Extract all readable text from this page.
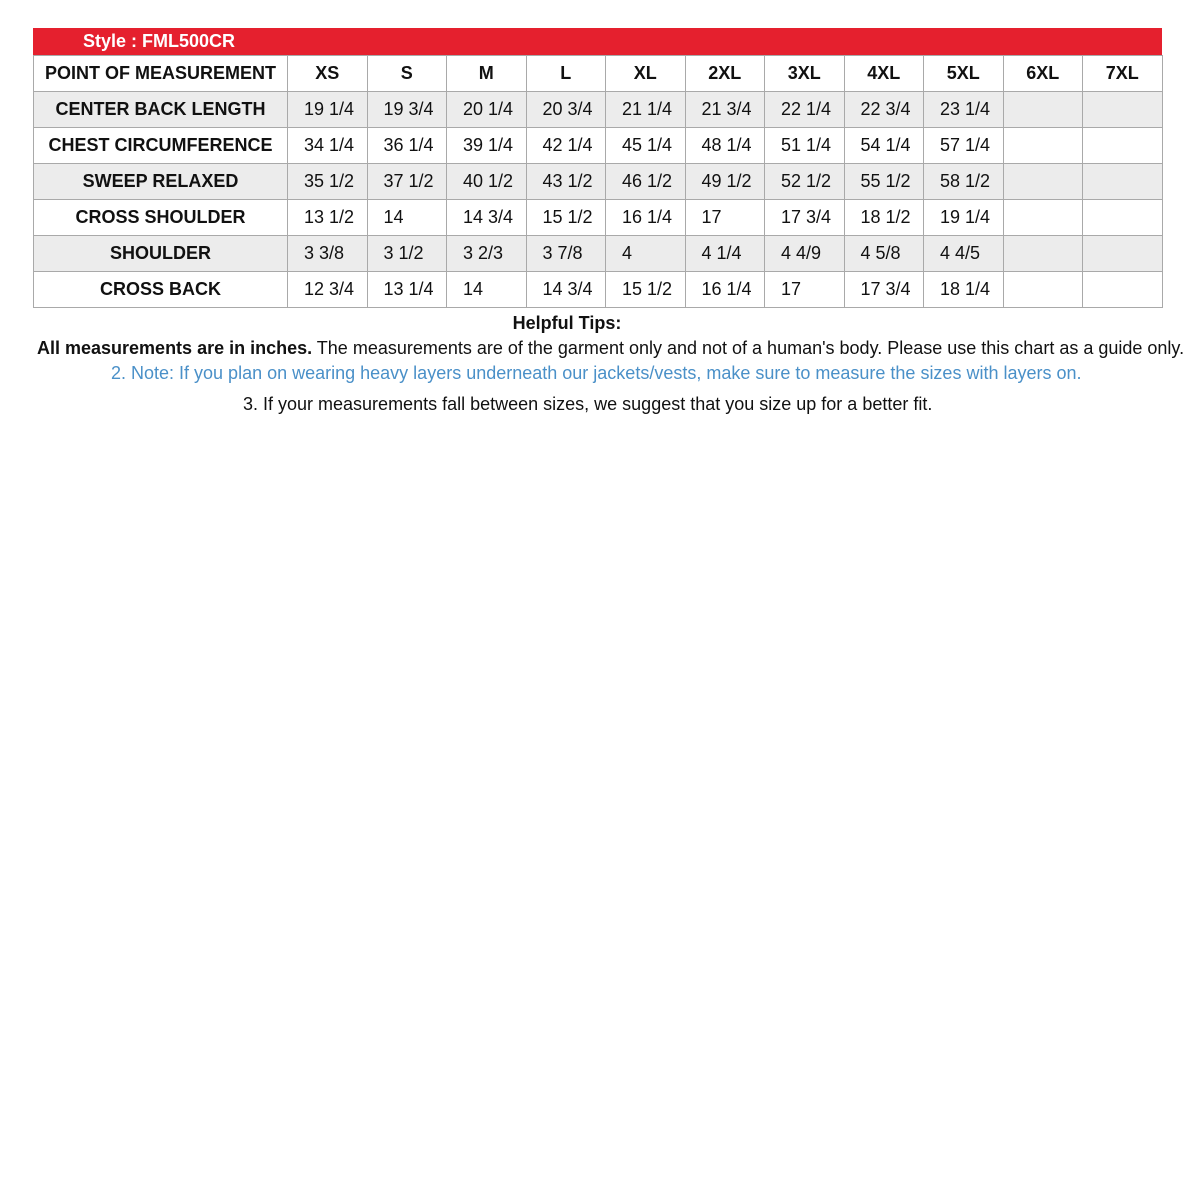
Style : FML500CR
POINT OF MEASUREMENT	XS	S	M	L	XL	2XL	3XL	4XL	5XL	6XL	7XL
CENTER BACK LENGTH	19 1/4	19 3/4	20 1/4	20 3/4	21 1/4	21 3/4	22 1/4	22 3/4	23 1/4		
CHEST CIRCUMFERENCE	34 1/4	36 1/4	39 1/4	42 1/4	45 1/4	48 1/4	51 1/4	54 1/4	57 1/4		
SWEEP RELAXED	35 1/2	37 1/2	40 1/2	43 1/2	46 1/2	49 1/2	52 1/2	55 1/2	58 1/2		
CROSS SHOULDER	13 1/2	14	14 3/4	15 1/2	16 1/4	17	17 3/4	18 1/2	19 1/4		
SHOULDER	3 3/8	3 1/2	3 2/3	3 7/8	4	4 1/4	4 4/9	4 5/8	4 4/5		
CROSS BACK	12 3/4	13 1/4	14	14 3/4	15 1/2	16 1/4	17	17 3/4	18 1/4		
Helpful Tips:
All measurements are in inches. The measurements are of the garment only and not of a human's body. Please use this chart as a guide only.
2. Note: If you plan on wearing heavy layers underneath our jackets/vests, make sure to measure the sizes with layers on.
3. If your measurements fall between sizes, we suggest that you size up for a better fit.
